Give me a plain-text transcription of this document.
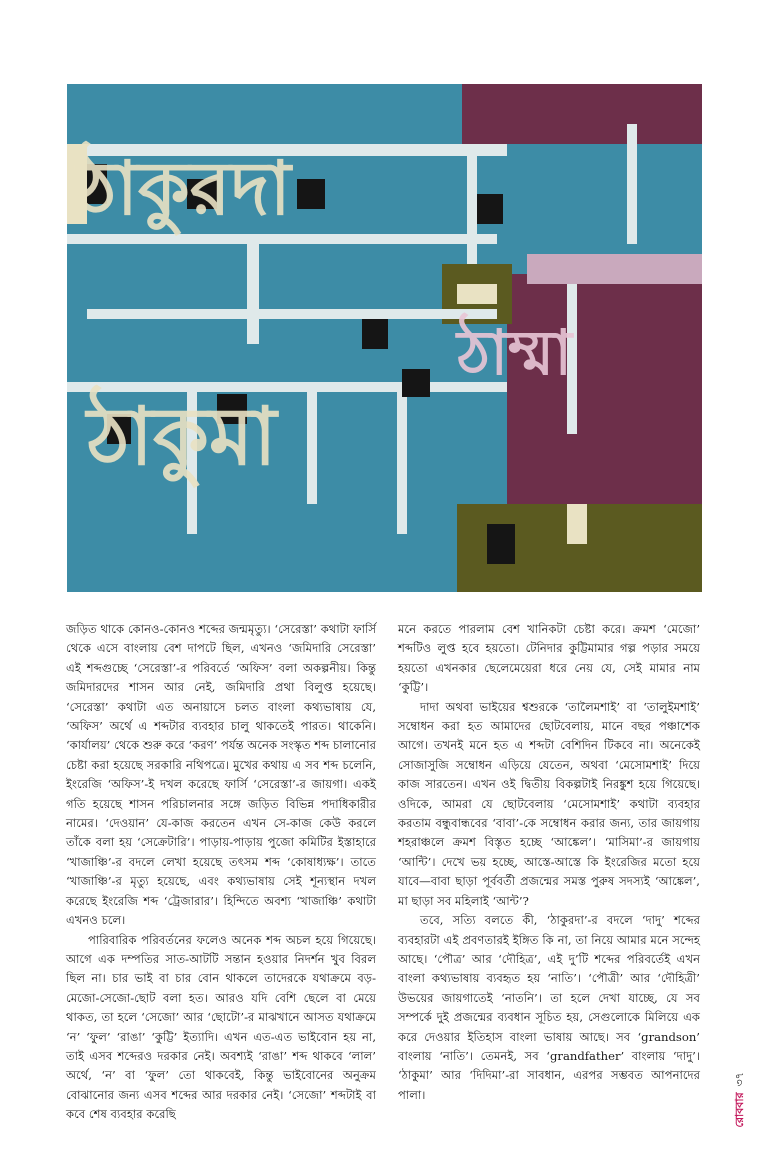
ঠাকুরদা
ঠাম্মা
ঠাকুমা

জড়িত থাকে কোনও-কোনও শব্দের জন্মমৃত্যু। ‘সেরেস্তা’ কথাটা ফার্সি থেকে এসে বাংলায় বেশ দাপটে ছিল, এখনও ‘জমিদারি সেরেস্তা’ এই শব্দগুচ্ছে ‘সেরেস্তা’-র পরিবর্তে ‘অফিস’ বলা অকল্পনীয়। কিন্তু জমিদারদের শাসন আর নেই, জমিদারি প্রথা বিলুপ্ত হয়েছে। ‘সেরেস্তা’ কথাটা এত অনায়াসে চলত বাংলা কথ্যভাষায় যে, ‘অফিস’ অর্থে এ শব্দটার ব্যবহার চালু থাকতেই পারত। থাকেনি। ‘কার্যালয়’ থেকে শুরু করে ‘করণ’ পর্যন্ত অনেক সংস্কৃত শব্দ চালানোর চেষ্টা করা হয়েছে সরকারি নথিপত্রে। মুখের কথায় এ সব শব্দ চলেনি, ইংরেজি ‘অফিস’-ই দখল করেছে ফার্সি ‘সেরেস্তা’-র জায়গা। একই গতি হয়েছে শাসন পরিচালনার সঙ্গে জড়িত বিভিন্ন পদাধিকারীর নামের। ‘দেওয়ান’ যে-কাজ করতেন এখন সে-কাজ কেউ করলে তাঁকে বলা হয় ‘সেক্রেটারি’। পাড়ায়-পাড়ায় পুজো কমিটির ইস্তাহারে ‘খাজাঞ্চি’-র বদলে লেখা হয়েছে তৎসম শব্দ ‘কোষাধ্যক্ষ’। তাতে ‘খাজাঞ্চি’-র মৃত্যু হয়েছে, এবং কথ্যভাষায় সেই শূন্যস্থান দখল করেছে ইংরেজি শব্দ ‘ট্রেজারার’। হিন্দিতে অবশ্য ‘খাজাঞ্চি’ কথাটা এখনও চলে।

পারিবারিক পরিবর্তনের ফলেও অনেক শব্দ অচল হয়ে গিয়েছে। আগে এক দম্পতির সাত-আটটি সন্তান হওয়ার নিদর্শন খুব বিরল ছিল না। চার ভাই বা চার বোন থাকলে তাদেরকে যথাক্রমে বড়-মেজো-সেজো-ছোট বলা হত। আরও যদি বেশি ছেলে বা মেয়ে থাকত, তা হলে ‘সেজো’ আর ‘ছোটো’-র মাঝখানে আসত যথাক্রমে ‘ন’ ‘ফুল’ ‘রাঙা’ ‘কুট্টি’ ইত্যাদি। এখন এত-এত ভাইবোন হয় না, তাই এসব শব্দেরও দরকার নেই। অবশ্যই ‘রাঙা’ শব্দ থাকবে ‘লাল’ অর্থে, ‘ন’ বা ‘ফুল’ তো থাকবেই, কিন্তু ভাইবোনের অনুক্রম বোঝানোর জন্য এসব শব্দের আর দরকার নেই। ‘সেজো’ শব্দটাই বা কবে শেষ ব্যবহার করেছি

মনে করতে পারলাম বেশ খানিকটা চেষ্টা করে। ক্রমশ ‘মেজো’ শব্দটিও লুপ্ত হবে হয়তো। টেনিদার কুট্টিমামার গল্প পড়ার সময়ে হয়তো এখনকার ছেলেমেয়েরা ধরে নেয় যে, সেই মামার নাম ‘কুট্টি’।

দাদা অথবা ভাইয়ের শ্বশুরকে ‘তালৈমশাই’ বা ‘তালুইমশাই’ সম্বোধন করা হত আমাদের ছোটবেলায়, মানে বছর পঞ্চাশেক আগে। তখনই মনে হত এ শব্দটা বেশিদিন টিকবে না। অনেকেই সোজাসুজি সম্বোধন এড়িয়ে যেতেন, অথবা ‘মেসোমশাই’ দিয়ে কাজ সারতেন। এখন ওই দ্বিতীয় বিকল্পটাই নিরঙ্কুশ হয়ে গিয়েছে। ওদিকে, আমরা যে ছোটবেলায় ‘মেসোমশাই’ কথাটা ব্যবহার করতাম বন্ধুবান্ধবের ‘বাবা’-কে সম্বোধন করার জন্য, তার জায়গায় শহরাঞ্চলে ক্রমশ বিস্তৃত হচ্ছে ‘আঙ্কেল’। ‘মাসিমা’-র জায়গায় ‘আন্টি’। দেখে ভয় হচ্ছে, আস্তে-আস্তে কি ইংরেজির মতো হয়ে যাবে—বাবা ছাড়া পূর্ববর্তী প্রজন্মের সমস্ত পুরুষ সদস্যই ‘আঙ্কেল’, মা ছাড়া সব মহিলাই ‘আন্ট’?

তবে, সত্যি বলতে কী, ‘ঠাকুরদা’-র বদলে ‘দাদু’ শব্দের ব্যবহারটা এই প্রবণতারই ইঙ্গিত কি না, তা নিয়ে আমার মনে সন্দেহ আছে। ‘পৌত্র’ আর ‘দৌহিত্র’, এই দু’টি শব্দের পরিবর্তেই এখন বাংলা কথ্যভাষায় ব্যবহৃত হয় ‘নাতি’। ‘পৌত্রী’ আর ‘দৌহিত্রী’ উভয়ের জায়গাতেই ‘নাতনি’। তা হলে দেখা যাচ্ছে, যে সব সম্পর্কে দুই প্রজন্মের ব্যবধান সূচিত হয়, সেগুলোকে মিলিয়ে এক করে দেওয়ার ইতিহাস বাংলা ভাষায় আছে। সব ‘grandson’ বাংলায় ‘নাতি’। তেমনই, সব ‘grandfather’ বাংলায় ‘দাদু’। ‘ঠাকুমা’ আর ‘দিদিমা’-রা সাবধান, এরপর সম্ভবত আপনাদের পালা।	রোববার
৩৭
